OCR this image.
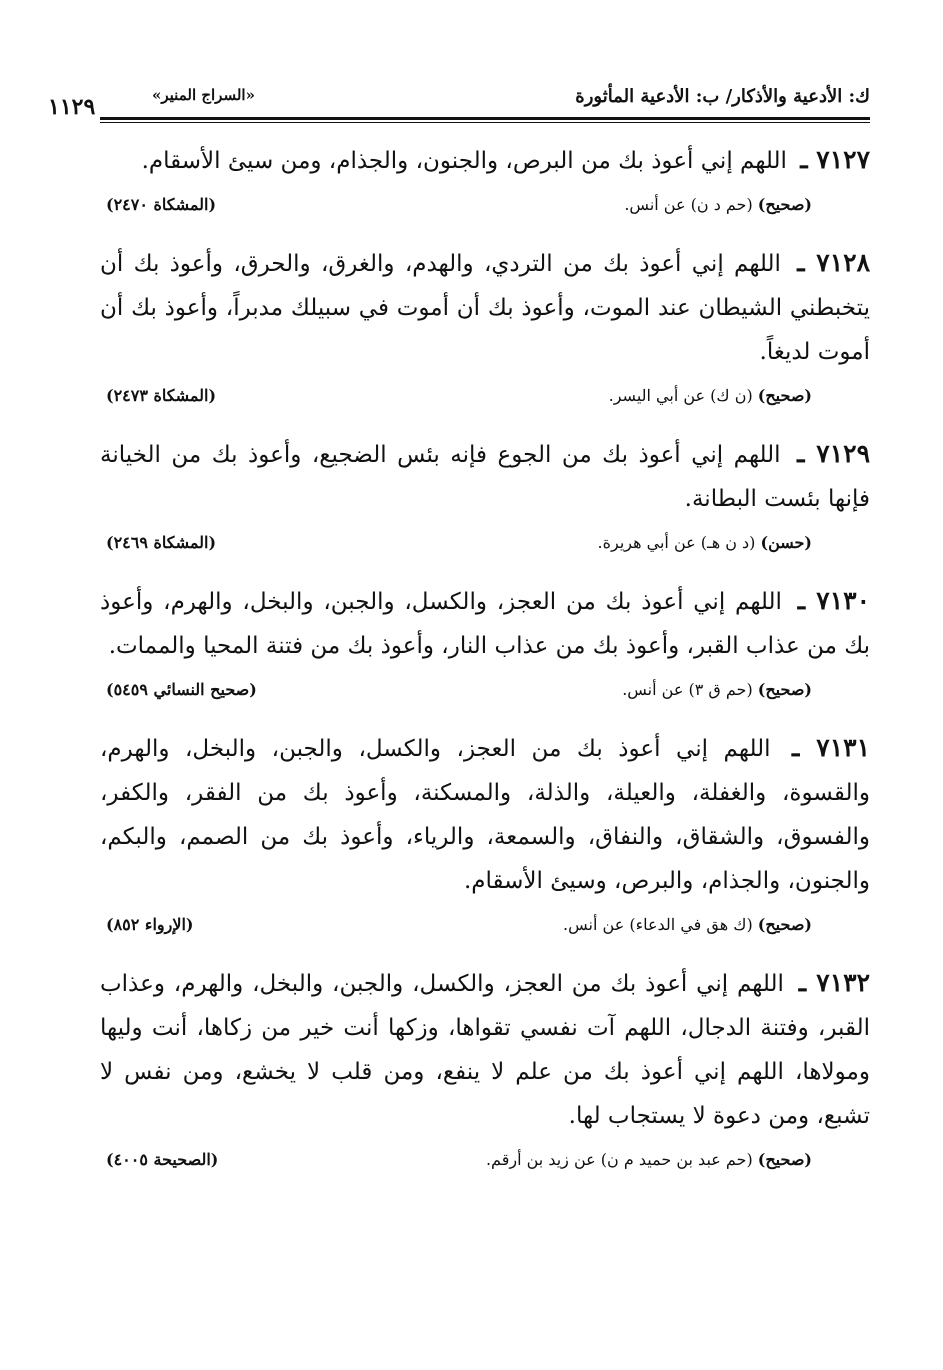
ك: الأدعية والأذكار/ ب: الأدعية المأثورة
«السراج المنير»
١١٢٩

٧١٢٧ ـ اللهم إني أعوذ بك من البرص، والجنون، والجذام، ومن سيئ الأسقام.

(صحيح) (حم د ن) عن أنس.
(المشكاة ٢٤٧٠)

٧١٢٨ ـ اللهم إني أعوذ بك من التردي، والهدم، والغرق، والحرق، وأعوذ بك أن يتخبطني الشيطان عند الموت، وأعوذ بك أن أموت في سبيلك مدبراً، وأعوذ بك أن أموت لديغاً.

(صحيح) (ن ك) عن أبي اليسر.
(المشكاة ٢٤٧٣)

٧١٢٩ ـ اللهم إني أعوذ بك من الجوع فإنه بئس الضجيع، وأعوذ بك من الخيانة فإنها بئست البطانة.

(حسن) (د ن هـ) عن أبي هريرة.
(المشكاة ٢٤٦٩)

٧١٣٠ ـ اللهم إني أعوذ بك من العجز، والكسل، والجبن، والبخل، والهرم، وأعوذ بك من عذاب القبر، وأعوذ بك من عذاب النار، وأعوذ بك من فتنة المحيا والممات.

(صحيح) (حم ق ٣) عن أنس.
(صحيح النسائي ٥٤٥٩)

٧١٣١ ـ اللهم إني أعوذ بك من العجز، والكسل، والجبن، والبخل، والهرم، والقسوة، والغفلة، والعيلة، والذلة، والمسكنة، وأعوذ بك من الفقر، والكفر، والفسوق، والشقاق، والنفاق، والسمعة، والرياء، وأعوذ بك من الصمم، والبكم، والجنون، والجذام، والبرص، وسيئ الأسقام.

(صحيح) (ك هق في الدعاء) عن أنس.
(الإرواء ٨٥٢)

٧١٣٢ ـ اللهم إني أعوذ بك من العجز، والكسل، والجبن، والبخل، والهرم، وعذاب القبر، وفتنة الدجال، اللهم آت نفسي تقواها، وزكها أنت خير من زكاها، أنت وليها ومولاها، اللهم إني أعوذ بك من علم لا ينفع، ومن قلب لا يخشع، ومن نفس لا تشبع، ومن دعوة لا يستجاب لها.

(صحيح) (حم عبد بن حميد م ن) عن زيد بن أرقم.
(الصحيحة ٤٠٠٥)
